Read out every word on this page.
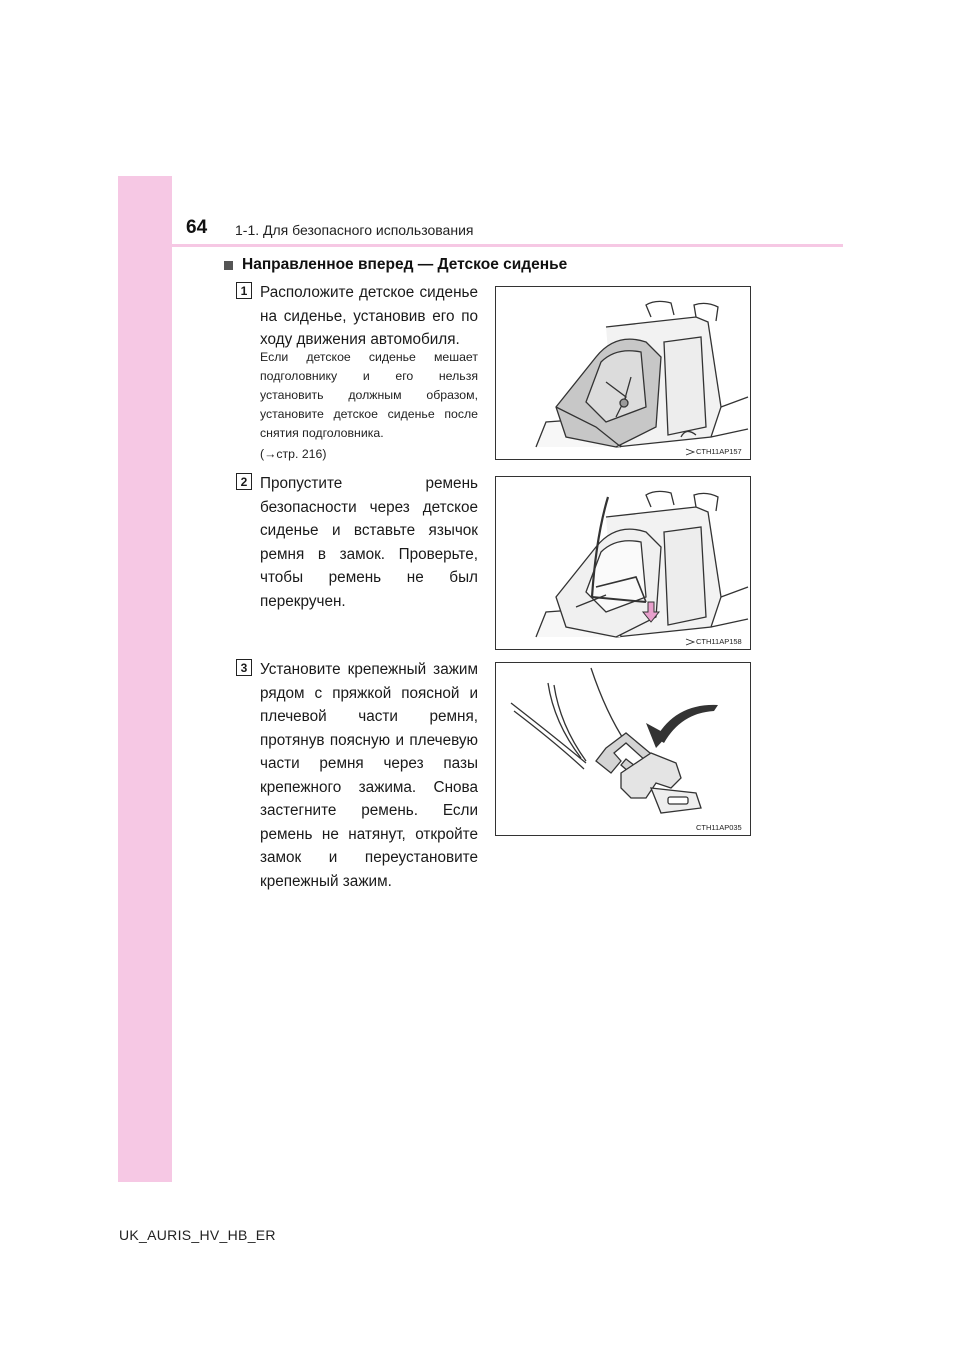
64 1-1. Для безопасного использования
Направленное вперед — Детское сиденье
1 Расположите детское сиденье на сиденье, установив его по ходу движения автомобиля.
Если детское сиденье мешает подголовнику и его нельзя установить должным образом, установите детское сиденье после снятия подголовника.
(→стр. 216)	CTH11AP157
2 Пропустите ремень безопасности через детское сиденье и вставьте язычок ремня в замок. Проверьте, чтобы ремень не был перекручен.
CTH11AP158
3 Установите крепежный зажим рядом с пряжкой поясной и плечевой части ремня, протянув поясную и плечевую части ремня через пазы крепежного зажима. Снова застегните ремень. Если ремень не натянут, откройте замок и переустановите крепежный зажим.
CTH11AP035
UK_AURIS_HV_HB_ER
